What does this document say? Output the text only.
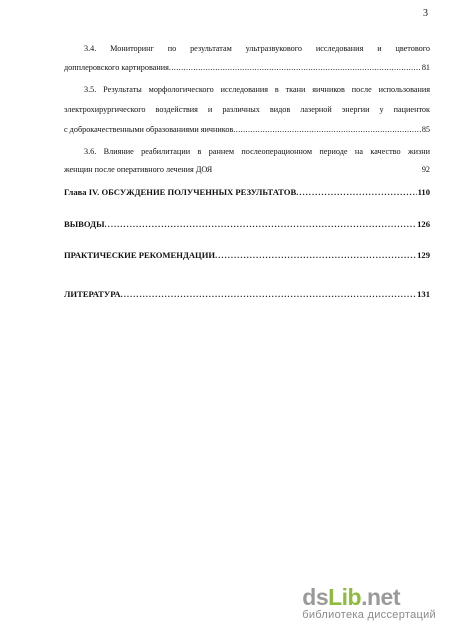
3
3.4. Мониторинг по результатам ультразвукового исследования и цветового
допплеровского картирования .....	81
3.5. Результаты морфологического исследования в ткани яичников после использования
электрохирургического воздействия и различных видов лазерной энергии у пациенток
с доброкачественными образованиями яичников .....	85
3.6. Влияние реабилитации в раннем послеоперационном периоде на качество жизни
женщин после оперативного лечения ДОЯ	92
Глава IV. ОБСУЖДЕНИЕ ПОЛУЧЕННЫХ РЕЗУЛЬТАТОВ .....	110
ВЫВОДЫ .....	126
ПРАКТИЧЕСКИЕ РЕКОМЕНДАЦИИ .....	129
ЛИТЕРАТУРА .....	131
dsLib.net
библиотека диссертаций
